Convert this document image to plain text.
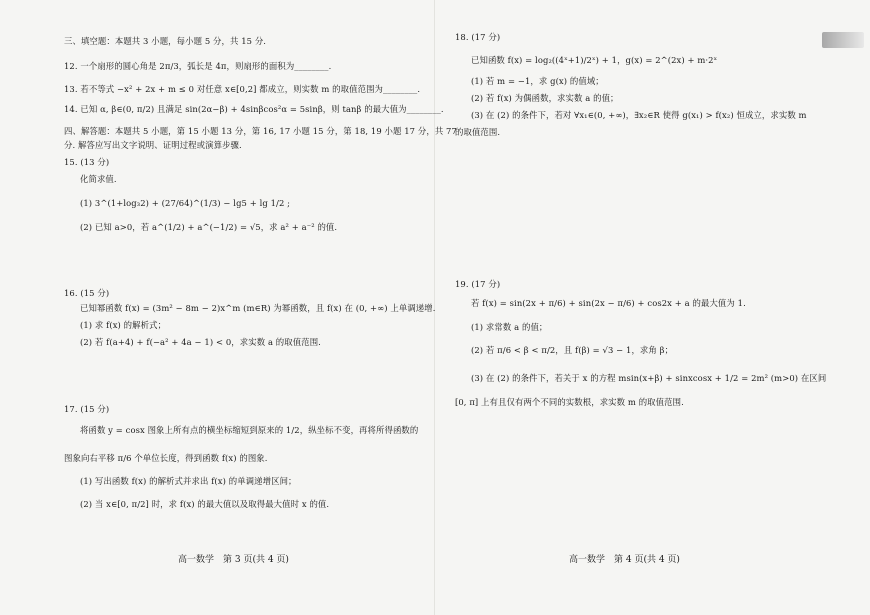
三、填空题：本题共 3 小题，每小题 5 分，共 15 分.
12. 一个扇形的圆心角是 2π/3，弧长是 4π，则扇形的面积为________.
13. 若不等式 −x² + 2x + m ≤ 0 对任意 x∈[0,2] 都成立，则实数 m 的取值范围为________.
14. 已知 α, β∈(0, π/2) 且满足 sin(2α−β) + 4sinβcos²α = 5sinβ，则 tanβ 的最大值为________.
四、解答题：本题共 5 小题，第 15 小题 13 分，第 16, 17 小题 15 分，第 18, 19 小题 17 分，共 77
分. 解答应写出文字说明、证明过程或演算步骤.
15. (13 分)
化简求值.
(1) 3^(1+log₃2) + (27/64)^(1/3) − lg5 + lg 1/2 ;
(2) 已知 a>0，若 a^(1/2) + a^(−1/2) = √5，求 a² + a⁻² 的值.
16. (15 分)
已知幂函数 f(x) = (3m² − 8m − 2)x^m (m∈R) 为幂函数，且 f(x) 在 (0, +∞) 上单调递增.
(1) 求 f(x) 的解析式；
(2) 若 f(a+4) + f(−a² + 4a − 1) < 0，求实数 a 的取值范围.
17. (15 分)
将函数 y = cosx 图象上所有点的横坐标缩短到原来的 1/2，纵坐标不变，再将所得函数的
图象向右平移 π/6 个单位长度，得到函数 f(x) 的图象.
(1) 写出函数 f(x) 的解析式并求出 f(x) 的单调递增区间；
(2) 当 x∈[0, π/2] 时，求 f(x) 的最大值以及取得最大值时 x 的值.
高一数学　第 3 页(共 4 页)
18. (17 分)
已知函数 f(x) = log₂((4ˣ+1)/2ˣ) + 1，g(x) = 2^(2x) + m·2ˣ
(1) 若 m = −1，求 g(x) 的值域；
(2) 若 f(x) 为偶函数，求实数 a 的值；
(3) 在 (2) 的条件下，若对 ∀x₁∈(0, +∞)，∃x₂∈R 使得 g(x₁) > f(x₂) 恒成立，求实数 m
的取值范围.
19. (17 分)
若 f(x) = sin(2x + π/6) + sin(2x − π/6) + cos2x + a 的最大值为 1.
(1) 求常数 a 的值；
(2) 若 π/6 < β < π/2，且 f(β) = √3 − 1，求角 β；
(3) 在 (2) 的条件下，若关于 x 的方程 msin(x+β) + sinxcosx + 1/2 = 2m² (m>0) 在区间
[0, π] 上有且仅有两个不同的实数根，求实数 m 的取值范围.
高一数学　第 4 页(共 4 页)
